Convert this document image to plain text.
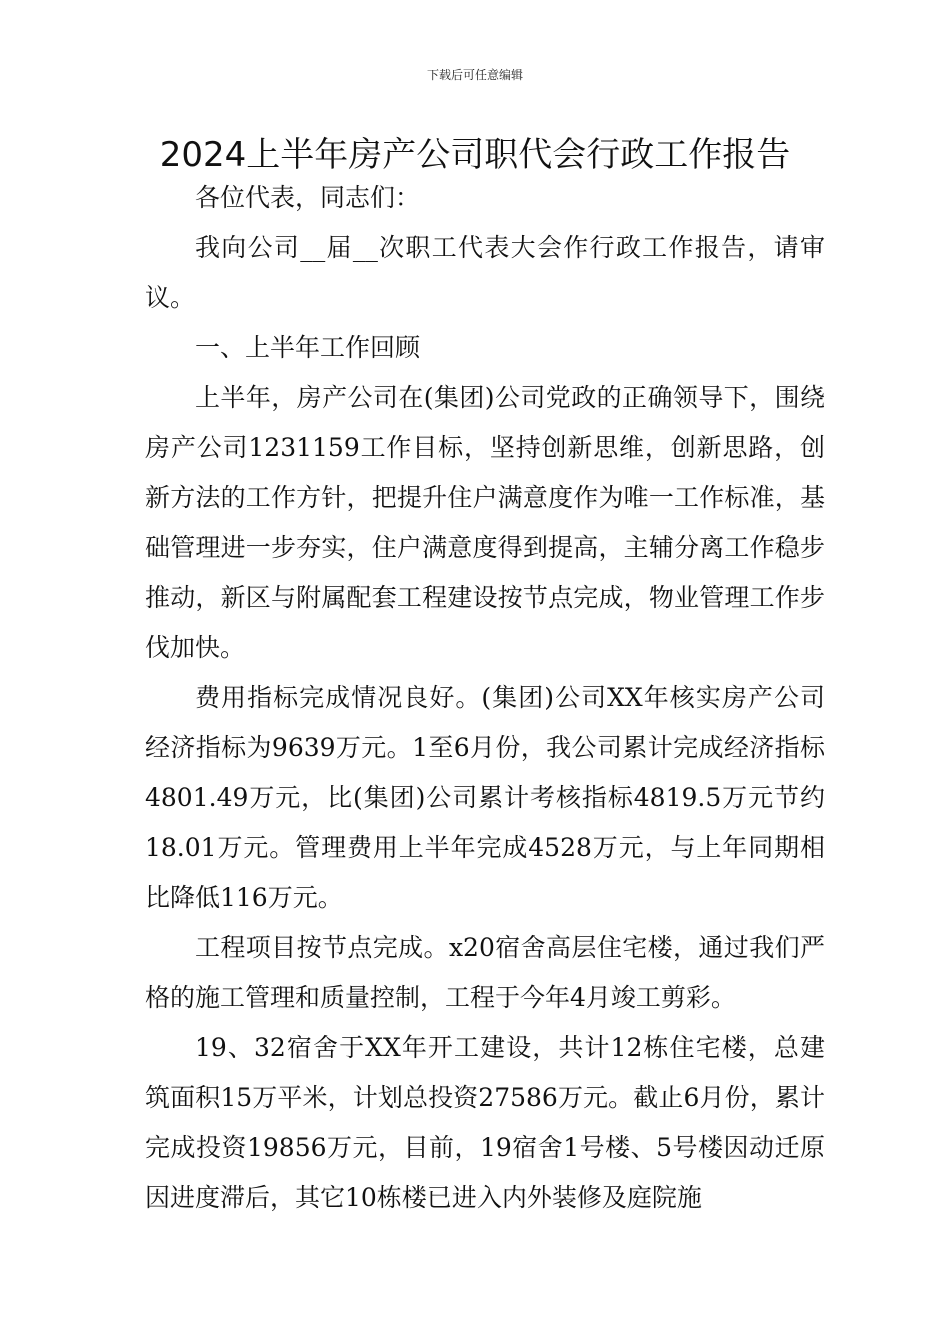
下载后可任意编辑
2024上半年房产公司职代会行政工作报告

各位代表，同志们：

我向公司__届__次职工代表大会作行政工作报告，请审议。

一、上半年工作回顾

上半年，房产公司在(集团)公司党政的正确领导下，围绕房产公司1231159工作目标，坚持创新思维，创新思路，创新方法的工作方针，把提升住户满意度作为唯一工作标准，基础管理进一步夯实，住户满意度得到提高，主辅分离工作稳步推动，新区与附属配套工程建设按节点完成，物业管理工作步伐加快。

费用指标完成情况良好。(集团)公司XX年核实房产公司经济指标为9639万元。1至6月份，我公司累计完成经济指标4801.49万元，比(集团)公司累计考核指标4819.5万元节约18.01万元。管理费用上半年完成4528万元，与上年同期相比降低116万元。

工程项目按节点完成。x20宿舍高层住宅楼，通过我们严格的施工管理和质量控制，工程于今年4月竣工剪彩。

19、32宿舍于XX年开工建设，共计12栋住宅楼，总建筑面积15万平米，计划总投资27586万元。截止6月份，累计完成投资19856万元，目前，19宿舍1号楼、5号楼因动迁原因进度滞后，其它10栋楼已进入内外装修及庭院施
